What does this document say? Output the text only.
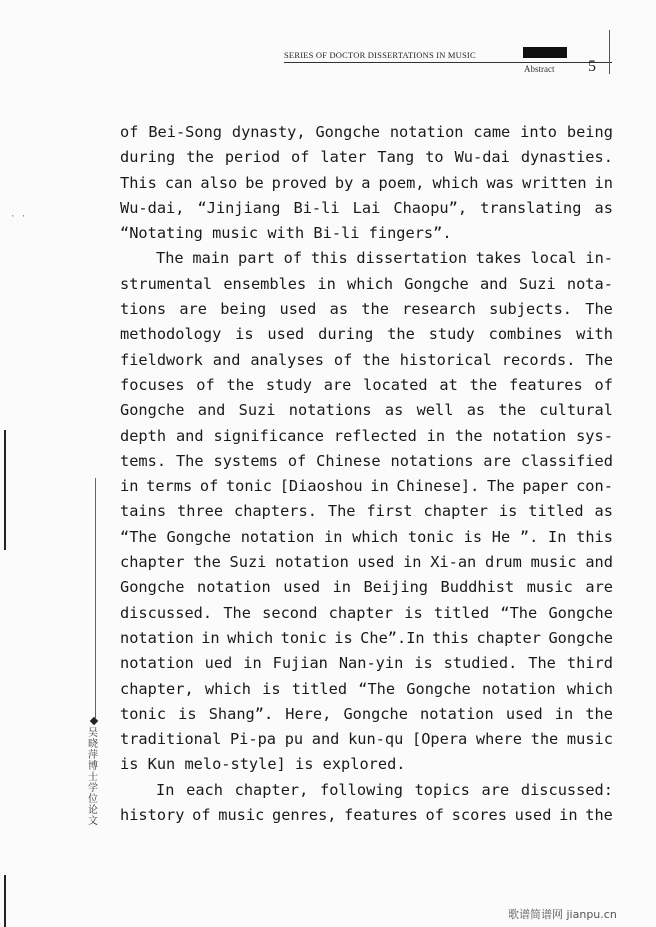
SERIES OF DOCTOR DISSERTATIONS IN MUSIC
Abstract 5
of Bei-Song dynasty, Gongche notation came into being
during the period of later Tang to Wu-dai dynasties.
This can also be proved by a poem, which was written in
Wu-dai, “Jinjiang Bi-li Lai Chaopu”, translating as
“Notating music with Bi-li fingers”.
The main part of this dissertation takes local in-
strumental ensembles in which Gongche and Suzi nota-
tions are being used as the research subjects. The
methodology is used during the study combines with
fieldwork and analyses of the historical records. The
focuses of the study are located at the features of
Gongche and Suzi notations as well as the cultural
depth and significance reflected in the notation sys-
tems. The systems of Chinese notations are classified
in terms of tonic [Diaoshou in Chinese]. The paper con-
tains three chapters. The first chapter is titled as
“The Gongche notation in which tonic is He ”. In this
chapter the Suzi notation used in Xi-an drum music and
Gongche notation used in Beijing Buddhist music are
discussed. The second chapter is titled “The Gongche
notation in which tonic is Che”.In this chapter Gongche
notation ued in Fujian Nan-yin is studied. The third
chapter, which is titled “The Gongche notation which
tonic is Shang”. Here, Gongche notation used in the
traditional Pi-pa pu and kun-qu [Opera where the music
is Kun melo-style] is explored.
In each chapter, following topics are discussed:
history of music genres, features of scores used in the
· ·
吴晓萍博士学位论文
歌谱简谱网 jianpu.cn
